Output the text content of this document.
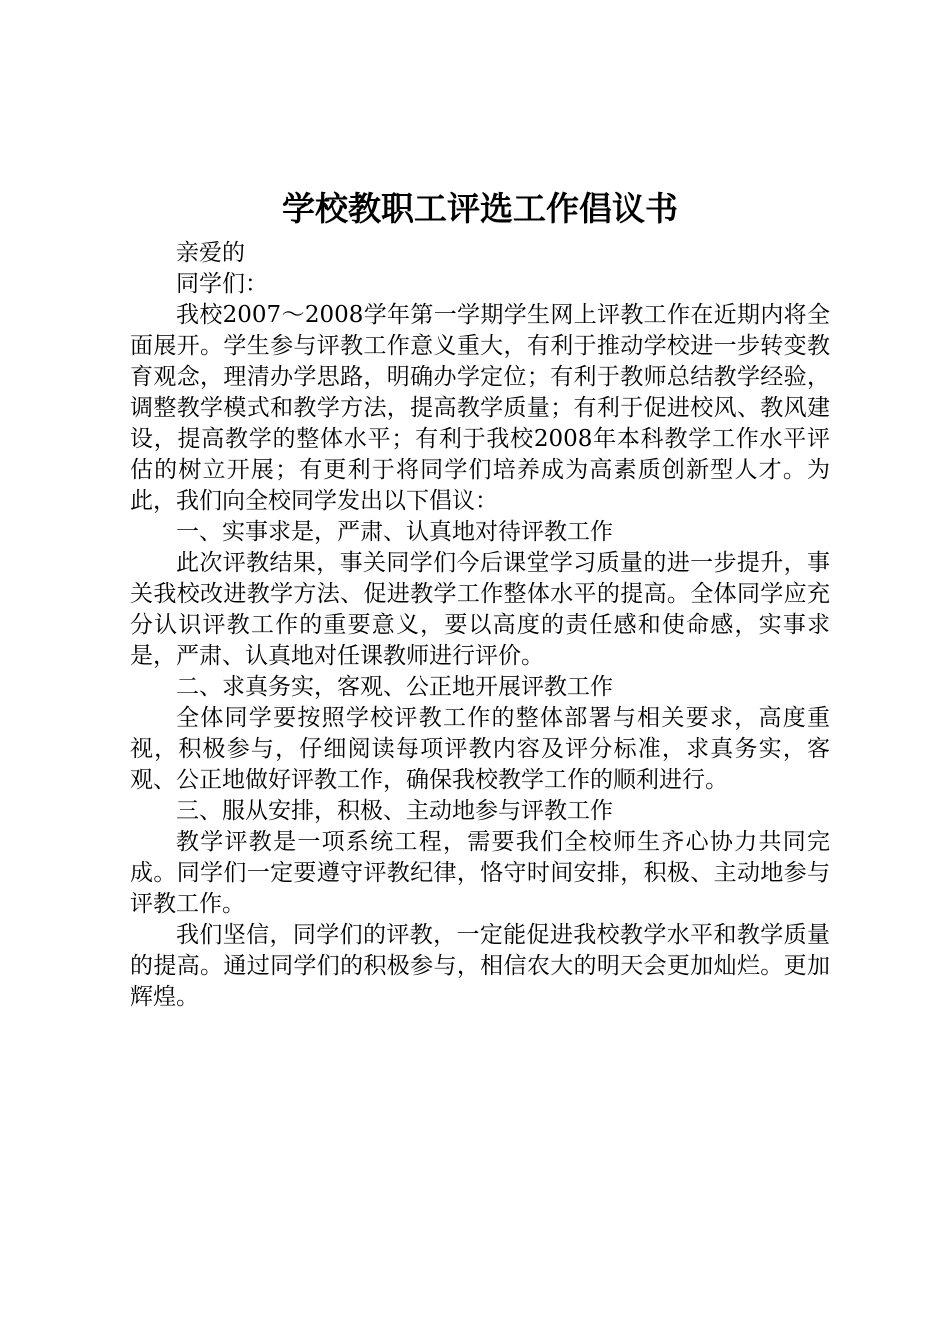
学校教职工评选工作倡议书

亲爱的

同学们：

我校2007～2008学年第一学期学生网上评教工作在近期内将全面展开。学生参与评教工作意义重大，有利于推动学校进一步转变教育观念，理清办学思路，明确办学定位；有利于教师总结教学经验，调整教学模式和教学方法，提高教学质量；有利于促进校风、教风建设，提高教学的整体水平；有利于我校2008年本科教学工作水平评估的树立开展；有更利于将同学们培养成为高素质创新型人才。为此，我们向全校同学发出以下倡议：

一、实事求是，严肃、认真地对待评教工作

此次评教结果，事关同学们今后课堂学习质量的进一步提升，事关我校改进教学方法、促进教学工作整体水平的提高。全体同学应充分认识评教工作的重要意义，要以高度的责任感和使命感，实事求是，严肃、认真地对任课教师进行评价。

二、求真务实，客观、公正地开展评教工作

全体同学要按照学校评教工作的整体部署与相关要求，高度重视，积极参与，仔细阅读每项评教内容及评分标准，求真务实，客观、公正地做好评教工作，确保我校教学工作的顺利进行。

三、服从安排，积极、主动地参与评教工作

教学评教是一项系统工程，需要我们全校师生齐心协力共同完成。同学们一定要遵守评教纪律，恪守时间安排，积极、主动地参与评教工作。

我们坚信，同学们的评教，一定能促进我校教学水平和教学质量的提高。通过同学们的积极参与，相信农大的明天会更加灿烂。更加辉煌。
